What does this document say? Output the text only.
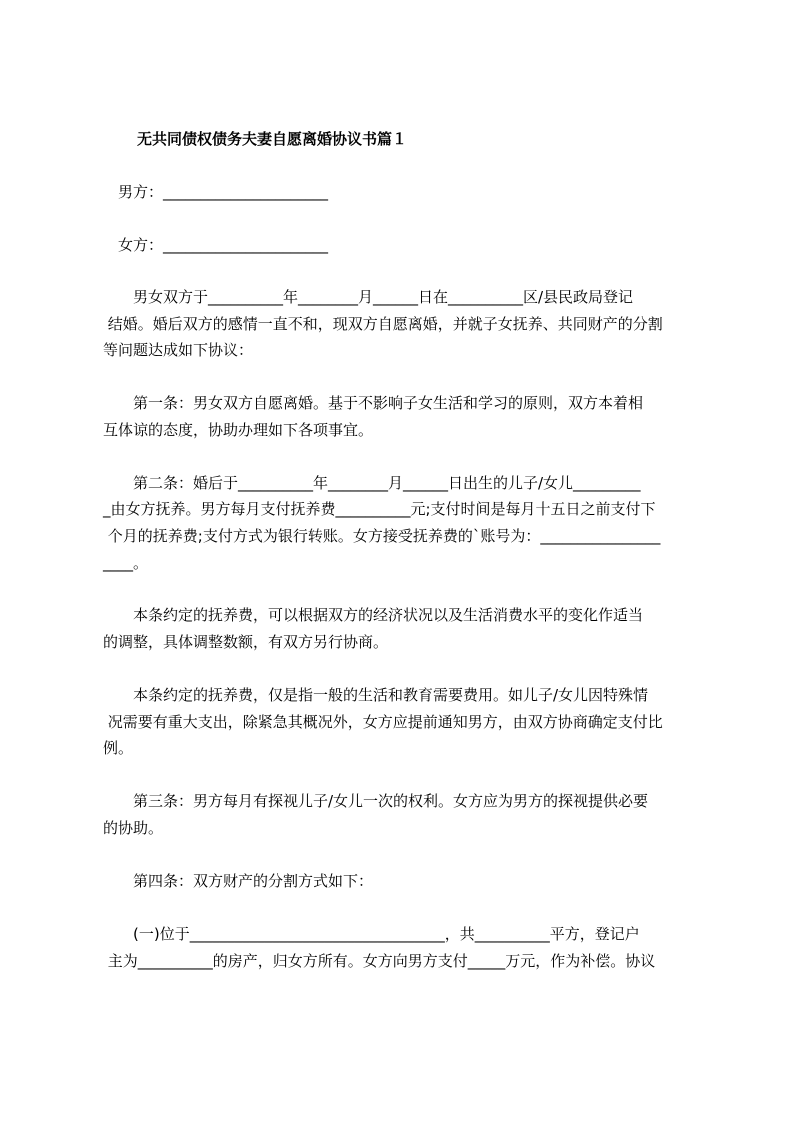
无共同债权债务夫妻自愿离婚协议书篇１
　男方：______________________
　女方：______________________
　　男女双方于__________年________月______日在__________区/县民政局登记
结婚。婚后双方的感情一直不和，现双方自愿离婚，并就子女抚养、共同财产的分割
等问题达成如下协议：
　　第一条：男女双方自愿离婚。基于不影响子女生活和学习的原则，双方本着相
互体谅的态度，协助办理如下各项事宜。
　　第二条：婚后于__________年________月______日出生的儿子/女儿_________
_由女方抚养。男方每月支付抚养费__________元;支付时间是每月十五日之前支付下
个月的抚养费;支付方式为银行转账。女方接受抚养费的`账号为：________________
____。
　　本条约定的抚养费，可以根据双方的经济状况以及生活消费水平的变化作适当
的调整，具体调整数额，有双方另行协商。
　　本条约定的抚养费，仅是指一般的生活和教育需要费用。如儿子/女儿因特殊情
况需要有重大支出，除紧急其概况外，女方应提前通知男方，由双方协商确定支付比
例。
　　第三条：男方每月有探视儿子/女儿一次的权利。女方应为男方的探视提供必要
的协助。
　　第四条：双方财产的分割方式如下：
　　(一)位于__________________________________，共__________平方，登记户
主为__________的房产，归女方所有。女方向男方支付_____万元，作为补偿。协议
